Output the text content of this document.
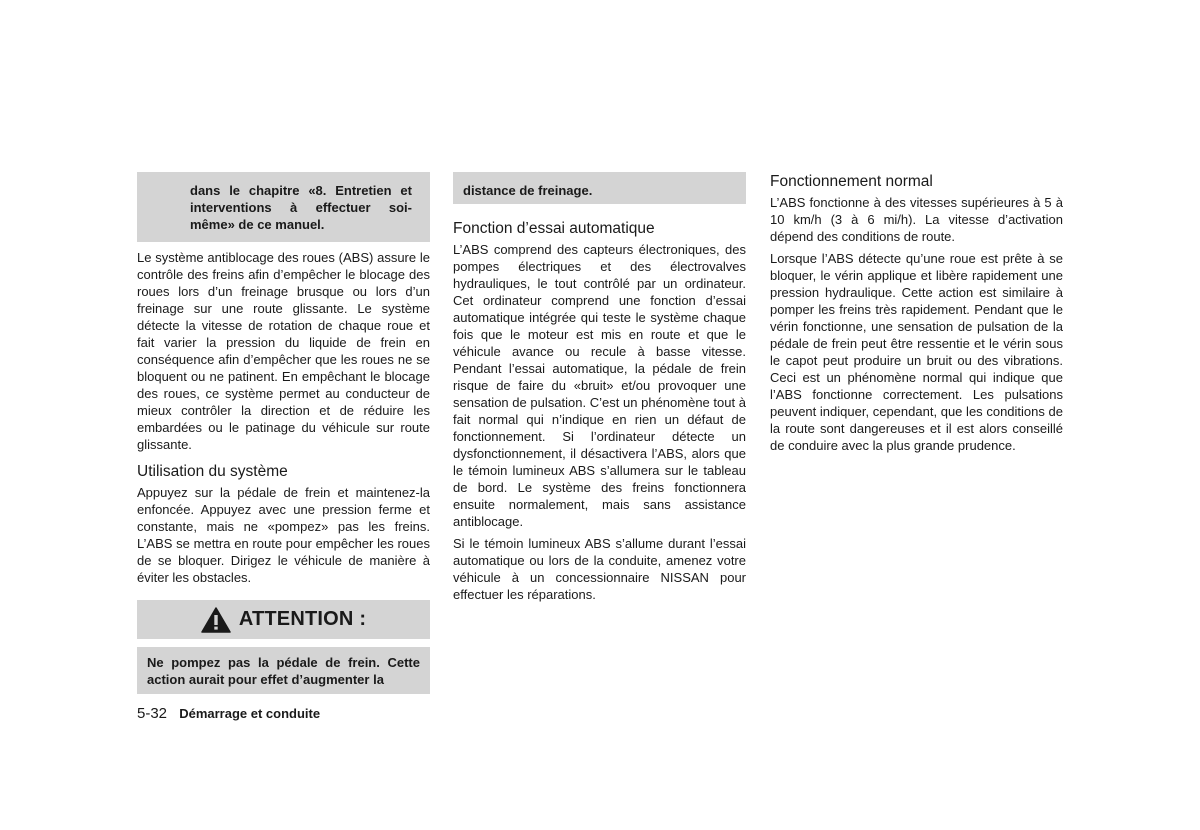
dans le chapitre «8. Entretien et interventions à effectuer soi-même» de ce manuel.

Le système antiblocage des roues (ABS) assure le contrôle des freins afin d’empêcher le blocage des roues lors d’un freinage brusque ou lors d’un freinage sur une route glissante. Le système détecte la vitesse de rotation de chaque roue et fait varier la pression du liquide de frein en conséquence afin d’empêcher que les roues ne se bloquent ou ne patinent. En empêchant le blocage des roues, ce système permet au conducteur de mieux contrôler la direction et de réduire les embardées ou le patinage du véhicule sur route glissante.

Utilisation du système

Appuyez sur la pédale de frein et maintenez-la enfoncée. Appuyez avec une pression ferme et constante, mais ne «pompez» pas les freins. L’ABS se mettra en route pour empêcher les roues de se bloquer. Dirigez le véhicule de manière à éviter les obstacles.

ATTENTION :
Ne pompez pas la pédale de frein. Cette action aurait pour effet d’augmenter la
distance de freinage.
Fonction d’essai automatique

L’ABS comprend des capteurs électroniques, des pompes électriques et des électrovalves hydrauliques, le tout contrôlé par un ordinateur. Cet ordinateur comprend une fonction d’essai automatique intégrée qui teste le système chaque fois que le moteur est mis en route et que le véhicule avance ou recule à basse vitesse. Pendant l’essai automatique, la pédale de frein risque de faire du «bruit» et/ou provoquer une sensation de pulsation. C’est un phénomène tout à fait normal qui n’indique en rien un défaut de fonctionnement. Si l’ordinateur détecte un dysfonctionnement, il désactivera l’ABS, alors que le témoin lumineux ABS s’allumera sur le tableau de bord. Le système des freins fonctionnera ensuite normalement, mais sans assistance antiblocage.

Si le témoin lumineux ABS s’allume durant l’essai automatique ou lors de la conduite, amenez votre véhicule à un concessionnaire NISSAN pour effectuer les réparations.

Fonctionnement normal

L’ABS fonctionne à des vitesses supérieures à 5 à 10 km/h (3 à 6 mi/h). La vitesse d’activation dépend des conditions de route.

Lorsque l’ABS détecte qu’une roue est prête à se bloquer, le vérin applique et libère rapidement une pression hydraulique. Cette action est similaire à pomper les freins très rapidement. Pendant que le vérin fonctionne, une sensation de pulsation de la pédale de frein peut être ressentie et le vérin sous le capot peut produire un bruit ou des vibrations. Ceci est un phénomène normal qui indique que l’ABS fonctionne correctement. Les pulsations peuvent indiquer, cependant, que les conditions de la route sont dangereuses et il est alors conseillé de conduire avec la plus grande prudence.

5-32 Démarrage et conduite
